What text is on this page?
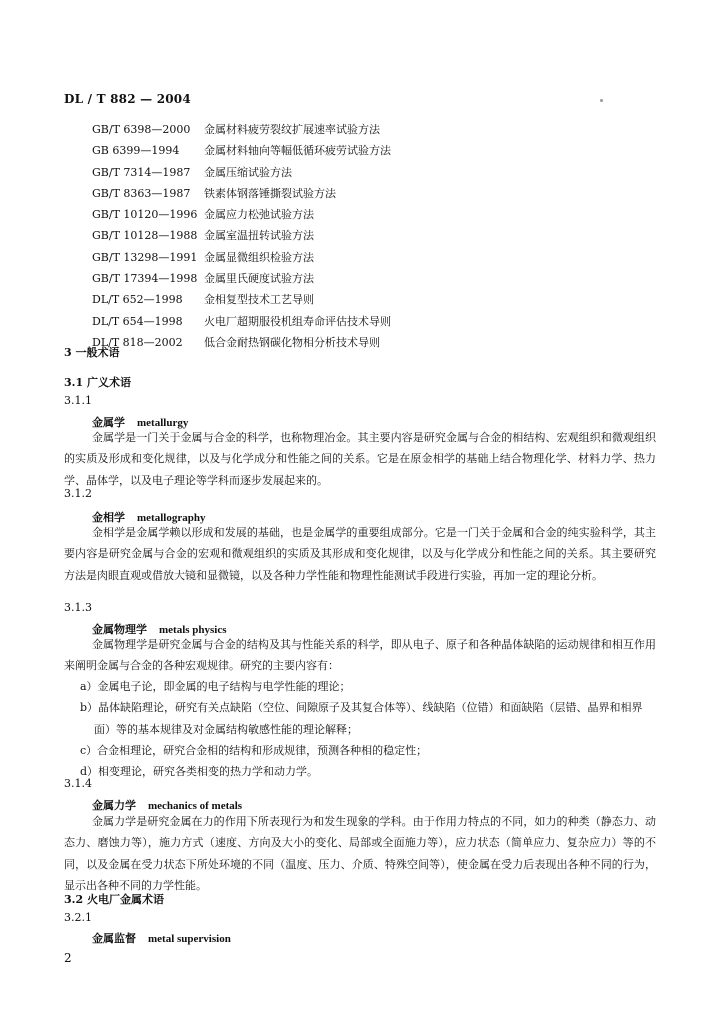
DL / T 882 — 2004
GB/T 6398—2000 金属材料疲劳裂纹扩展速率试验方法
GB 6399—1994 金属材料轴向等幅低循环疲劳试验方法
GB/T 7314—1987 金属压缩试验方法
GB/T 8363—1987 铁素体钢落锤撕裂试验方法
GB/T 10120—1996 金属应力松弛试验方法
GB/T 10128—1988 金属室温扭转试验方法
GB/T 13298—1991 金属显微组织检验方法
GB/T 17394—1998 金属里氏硬度试验方法
DL/T 652—1998 金相复型技术工艺导则
DL/T 654—1998 火电厂超期服役机组寿命评估技术导则
DL/T 818—2002 低合金耐热钢碳化物相分析技术导则
3 一般术语
3.1 广义术语
3.1.1
金属学 metallurgy
金属学是一门关于金属与合金的科学，也称物理冶金。其主要内容是研究金属与合金的相结构、宏观组织和微观组织的实质及形成和变化规律，以及与化学成分和性能之间的关系。它是在原金相学的基础上结合物理化学、材料力学、热力学、晶体学，以及电子理论等学科而逐步发展起来的。
3.1.2
金相学 metallography
金相学是金属学赖以形成和发展的基础，也是金属学的重要组成部分。它是一门关于金属和合金的纯实验科学，其主要内容是研究金属与合金的宏观和微观组织的实质及其形成和变化规律，以及与化学成分和性能之间的关系。其主要研究方法是肉眼直观或借放大镜和显微镜，以及各种力学性能和物理性能测试手段进行实验，再加一定的理论分析。
3.1.3
金属物理学 metals physics
金属物理学是研究金属与合金的结构及其与性能关系的科学，即从电子、原子和各种晶体缺陷的运动规律和相互作用来阐明金属与合金的各种宏观规律。研究的主要内容有：
a）金属电子论，即金属的电子结构与电学性能的理论；
b）晶体缺陷理论，研究有关点缺陷（空位、间隙原子及其复合体等）、线缺陷（位错）和面缺陷（层错、晶界和相界面）等的基本规律及对金属结构敏感性能的理论解释；
c）合金相理论，研究合金相的结构和形成规律，预测各种相的稳定性；
d）相变理论，研究各类相变的热力学和动力学。
3.1.4
金属力学 mechanics of metals
金属力学是研究金属在力的作用下所表现行为和发生现象的学科。由于作用力特点的不同，如力的种类（静态力、动态力、磨蚀力等），施力方式（速度、方向及大小的变化、局部或全面施力等），应力状态（简单应力、复杂应力）等的不同，以及金属在受力状态下所处环境的不同（温度、压力、介质、特殊空间等），使金属在受力后表现出各种不同的行为，显示出各种不同的力学性能。
3.2 火电厂金属术语
3.2.1
金属监督 metal supervision
2
